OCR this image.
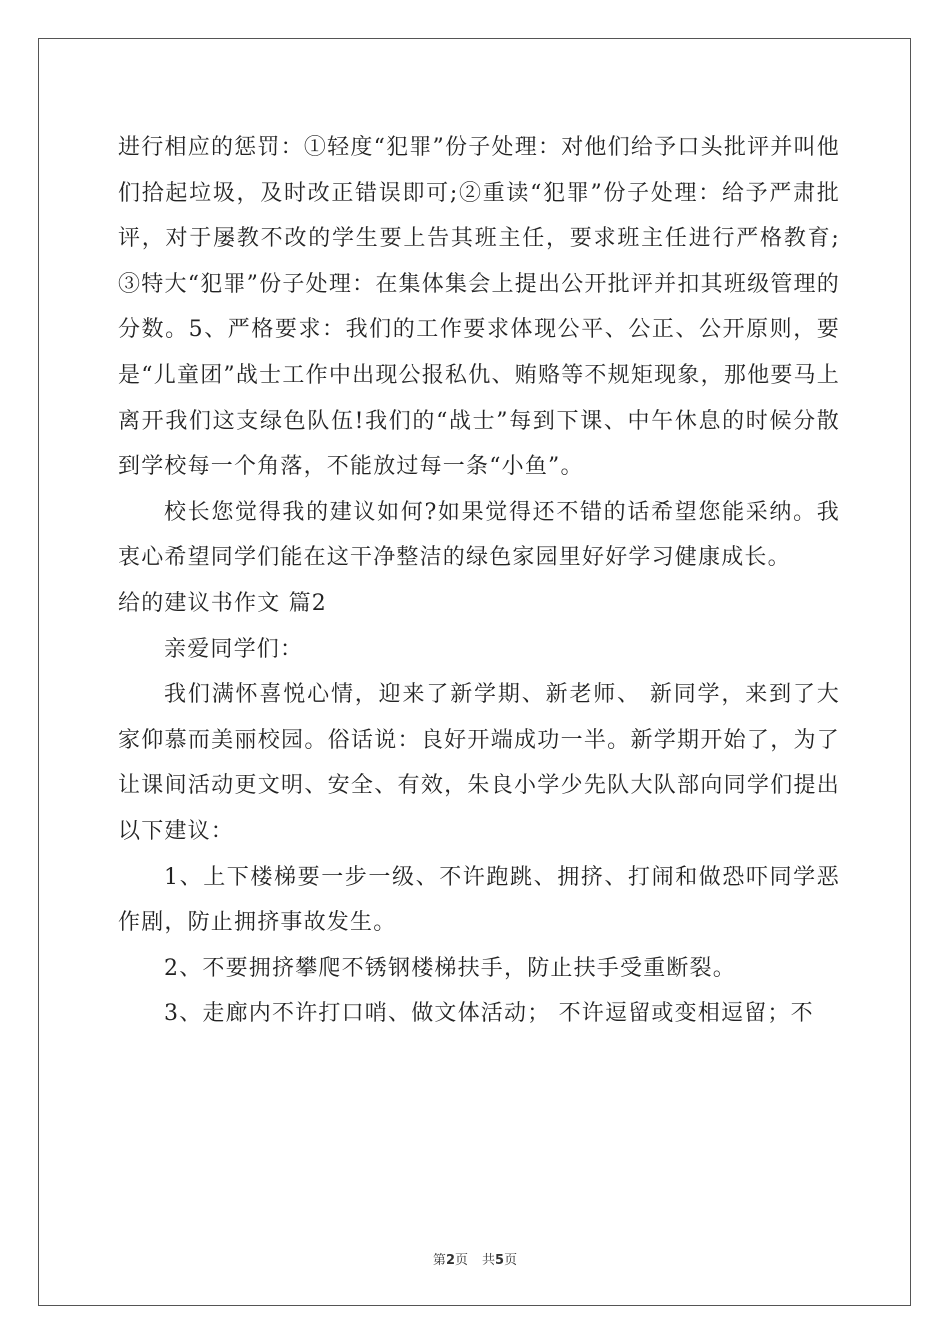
进行相应的惩罚：①轻度“犯罪”份子处理：对他们给予口头批评并叫他们拾起垃圾，及时改正错误即可;②重读“犯罪”份子处理：给予严肃批评，对于屡教不改的学生要上告其班主任，要求班主任进行严格教育;③特大“犯罪”份子处理：在集体集会上提出公开批评并扣其班级管理的分数。5、严格要求：我们的工作要求体现公平、公正、公开原则，要是“儿童团”战士工作中出现公报私仇、贿赂等不规矩现象，那他要马上离开我们这支绿色队伍!我们的“战士”每到下课、中午休息的时候分散到学校每一个角落，不能放过每一条“小鱼”。

校长您觉得我的建议如何?如果觉得还不错的话希望您能采纳。我衷心希望同学们能在这干净整洁的绿色家园里好好学习健康成长。

给的建议书作文 篇2

亲爱同学们：

我们满怀喜悦心情，迎来了新学期、新老师、 新同学，来到了大家仰慕而美丽校园。俗话说：良好开端成功一半。新学期开始了，为了让课间活动更文明、安全、有效，朱良小学少先队大队部向同学们提出以下建议：

1、上下楼梯要一步一级、不许跑跳、拥挤、打闹和做恐吓同学恶作剧，防止拥挤事故发生。

2、不要拥挤攀爬不锈钢楼梯扶手，防止扶手受重断裂。

3、走廊内不许打口哨、做文体活动； 不许逗留或变相逗留；不

第2页 共5页
